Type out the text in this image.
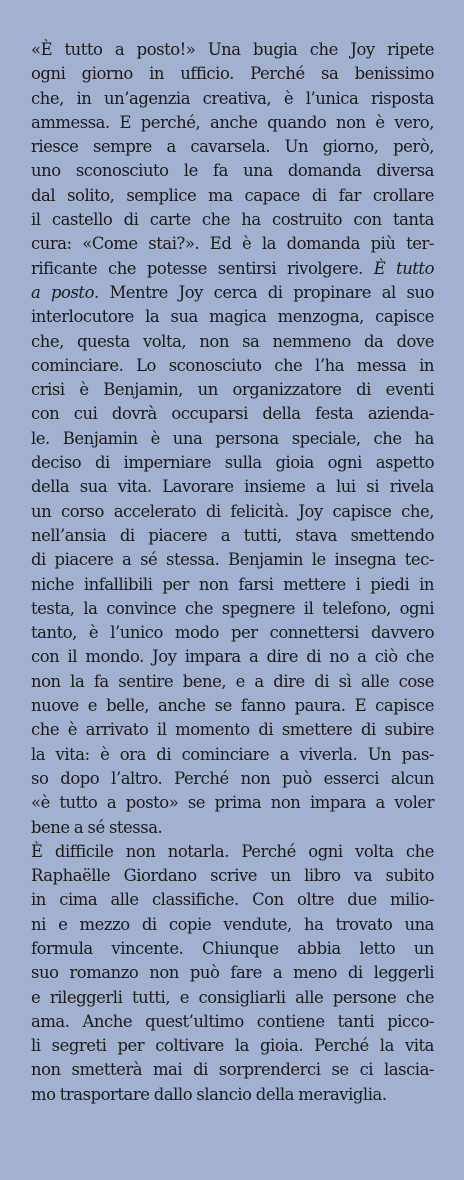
«È tutto a posto!» Una bugia che Joy ripete
ogni giorno in ufficio. Perché sa benissimo
che, in un’agenzia creativa, è l’unica risposta
ammessa. E perché, anche quando non è vero,
riesce sempre a cavarsela. Un giorno, però,
uno sconosciuto le fa una domanda diversa
dal solito, semplice ma capace di far crollare
il castello di carte che ha costruito con tanta
cura: «Come stai?». Ed è la domanda più ter-
rificante che potesse sentirsi rivolgere. È tutto
a posto. Mentre Joy cerca di propinare al suo
interlocutore la sua magica menzogna, capisce
che, questa volta, non sa nemmeno da dove
cominciare. Lo sconosciuto che l’ha messa in
crisi è Benjamin, un organizzatore di eventi
con cui dovrà occuparsi della festa azienda-
le. Benjamin è una persona speciale, che ha
deciso di imperniare sulla gioia ogni aspetto
della sua vita. Lavorare insieme a lui si rivela
un corso accelerato di felicità. Joy capisce che,
nell’ansia di piacere a tutti, stava smettendo
di piacere a sé stessa. Benjamin le insegna tec-
niche infallibili per non farsi mettere i piedi in
testa, la convince che spegnere il telefono, ogni
tanto, è l’unico modo per connettersi davvero
con il mondo. Joy impara a dire di no a ciò che
non la fa sentire bene, e a dire di sì alle cose
nuove e belle, anche se fanno paura. E capisce
che è arrivato il momento di smettere di subire
la vita: è ora di cominciare a viverla. Un pas-
so dopo l’altro. Perché non può esserci alcun
«è tutto a posto» se prima non impara a voler
bene a sé stessa.
È difficile non notarla. Perché ogni volta che
Raphaëlle Giordano scrive un libro va subito
in cima alle classifiche. Con oltre due milio-
ni e mezzo di copie vendute, ha trovato una
formula vincente. Chiunque abbia letto un
suo romanzo non può fare a meno di leggerli
e rileggerli tutti, e consigliarli alle persone che
ama. Anche quest’ultimo contiene tanti picco-
li segreti per coltivare la gioia. Perché la vita
non smetterà mai di sorprenderci se ci lascia-
mo trasportare dallo slancio della meraviglia.
